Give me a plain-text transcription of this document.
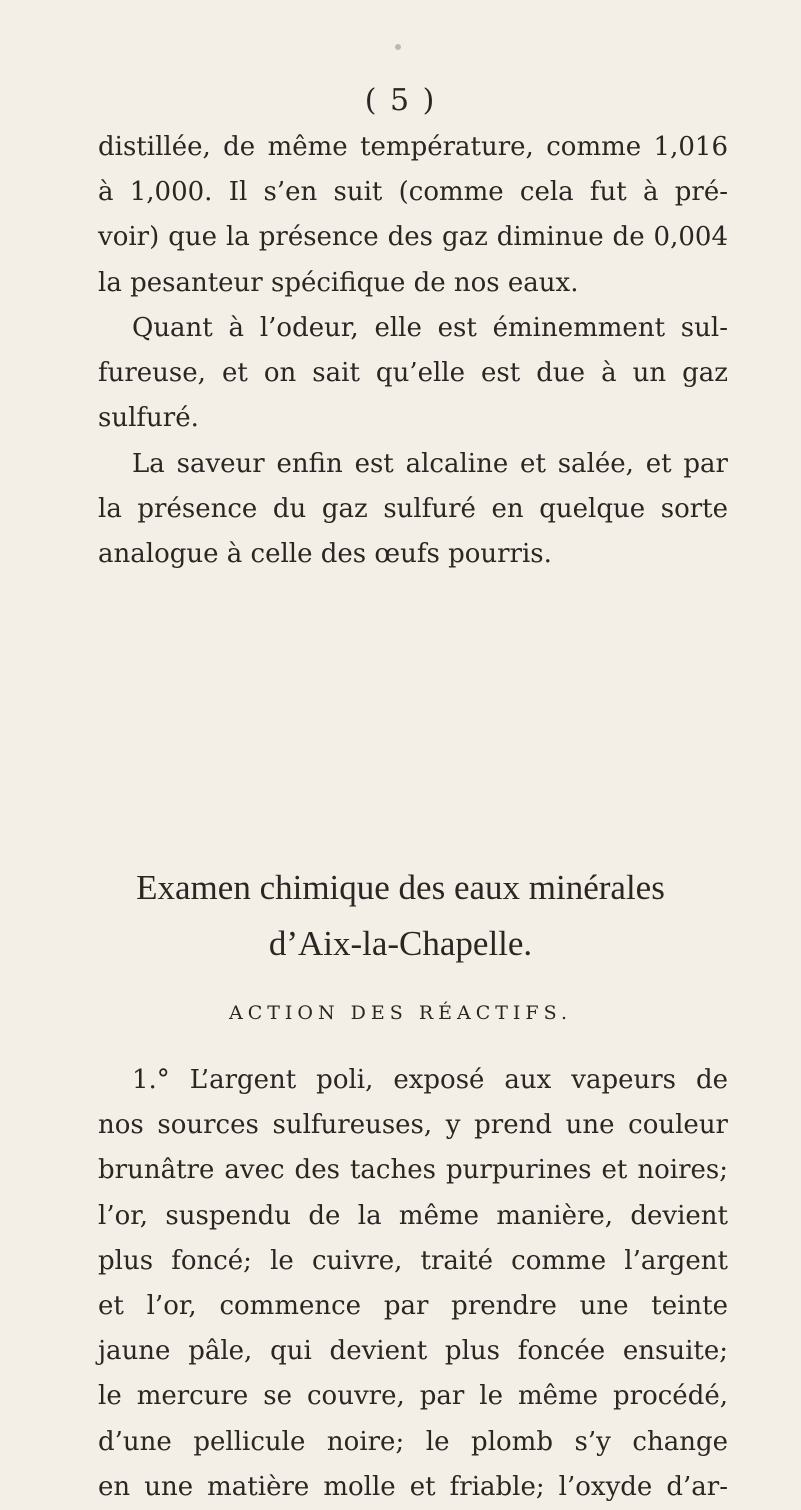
( 5 )
distillée, de même température, comme 1,016
à 1,000. Il s’en suit (comme cela fut à pré-
voir) que la présence des gaz diminue de 0,004
la pesanteur spécifique de nos eaux.
Quant à l’odeur, elle est éminemment sul-
fureuse, et on sait qu’elle est due à un gaz
sulfuré.
La saveur enfin est alcaline et salée, et par
la présence du gaz sulfuré en quelque sorte
analogue à celle des œufs pourris.
Examen chimique des eaux minérales
d’Aix-la-Chapelle.
ACTION DES RÉACTIFS.
1.° L’argent poli, exposé aux vapeurs de
nos sources sulfureuses, y prend une couleur
brunâtre avec des taches purpurines et noires;
l’or, suspendu de la même manière, devient
plus foncé; le cuivre, traité comme l’argent
et l’or, commence par prendre une teinte
jaune pâle, qui devient plus foncée ensuite;
le mercure se couvre, par le même procédé,
d’une pellicule noire; le plomb s’y change
en une matière molle et friable; l’oxyde d’ar-
